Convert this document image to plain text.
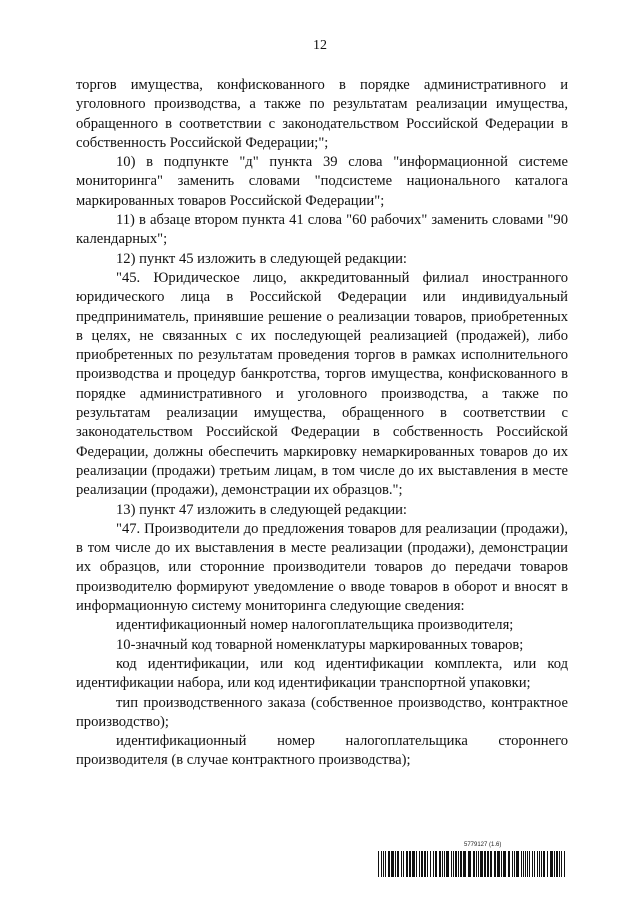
12

торгов имущества, конфискованного в порядке административного и уголовного производства, а также по результатам реализации имущества, обращенного в соответствии с законодательством Российской Федерации в собственность Российской Федерации;";

10) в подпункте "д" пункта 39 слова "информационной системе мониторинга" заменить словами "подсистеме национального каталога маркированных товаров Российской Федерации";

11) в абзаце втором пункта 41 слова "60 рабочих" заменить словами "90 календарных";

12) пункт 45 изложить в следующей редакции:

"45. Юридическое лицо, аккредитованный филиал иностранного юридического лица в Российской Федерации или индивидуальный предприниматель, принявшие решение о реализации товаров, приобретенных в целях, не связанных с их последующей реализацией (продажей), либо приобретенных по результатам проведения торгов в рамках исполнительного производства и процедур банкротства, торгов имущества, конфискованного в порядке административного и уголовного производства, а также по результатам реализации имущества, обращенного в соответствии с законодательством Российской Федерации в собственность Российской Федерации, должны обеспечить маркировку немаркированных товаров до их реализации (продажи) третьим лицам, в том числе до их выставления в месте реализации (продажи), демонстрации их образцов.";

13) пункт 47 изложить в следующей редакции:

"47. Производители до предложения товаров для реализации (продажи), в том числе до их выставления в месте реализации (продажи), демонстрации их образцов, или сторонние производители товаров до передачи товаров производителю формируют уведомление о вводе товаров в оборот и вносят в информационную систему мониторинга следующие сведения:

идентификационный номер налогоплательщика производителя;

10-значный код товарной номенклатуры маркированных товаров;

код идентификации, или код идентификации комплекта, или код идентификации набора, или код идентификации транспортной упаковки;

тип производственного заказа (собственное производство, контрактное производство);

идентификационный номер налогоплательщика стороннего производителя (в случае контрактного производства);

5779127 (1.6)
